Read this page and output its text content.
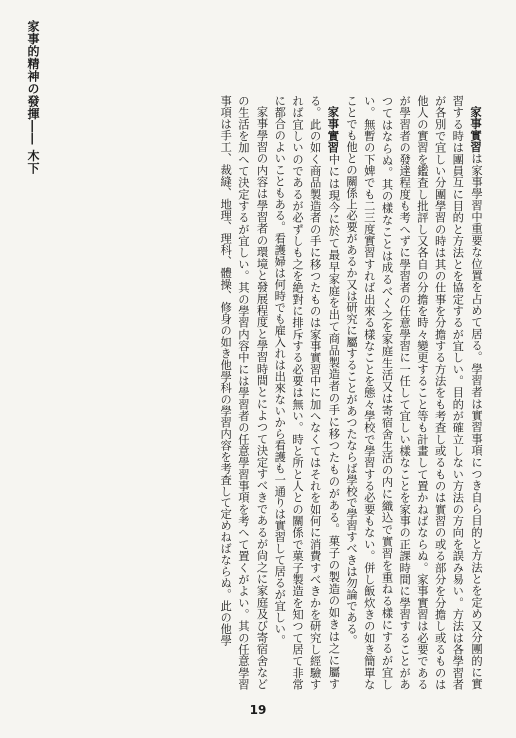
家事的精神の發揮―― 木下	家事實習は家事學習中重要な位置を占めて居る。學習者は實習事項につき自ら目的と方法とを定め又分團的に實習する時は團員互に目的と方法とを協定するが宜しい。目的が確立しない方法の方向を誤み易い。方法は各學習者が各別で宜しい分團學習の時は其の仕事を分擔する方法をも考査し或るものは實習の或る部分を分擔し或るものは他人の實習を鑑査し批評し又各自の分擔を時々變更すること等も計畫して置かねばならぬ。家事實習は必要であるが學習者の發達程度も考へずに學習者の任意學習に一任して宜しい樣なことを家事の正課時間に學習することがあつてはならぬ。其の樣なことは成るべく之を家庭生活又は寄宿舍生活の内に織込で實習を重ねる樣にするが宜しい。無暫の下婢でも二三度實習すれば出來る樣なことを態々學校で學習する必要もない。併し飯炊きの如き簡單なことでも他との關係上必要があるか又は研究に屬することがあつたならば學校で學習すべきは勿論である。

家事實習中には現今に於て最早家庭を出て商品製造者の手に移つたものがある。菓子の製造の如きは之に屬する。此の如く商品製造者の手に移つたものは家事實習中に加へなくてはそれを如何に消費すべきかを研究し經驗すれば宜しいのであるが必ずしも之を絶對に排斥する必要は無い。時と所と人との關係で菓子製造を知つて居て非常に都合のよいこともある。看護婦は何時でも雇入れは出來ないから看護も一通りは實習して居るが宜しい。

家事學習の内容は學習者の環境と發展程度と學習時間とによつて決定すべきであるが尙之に家庭及び寄宿舍などの生活を加へて決定するが宜しい。其の學習内容中には學習者の任意學習事項を考へて置くがよい。其の任意學習事項は手工、裁縫、地理、理科、體操、修身の如き他學科の學習内容を考査して定めねばならぬ。此の他學

19
